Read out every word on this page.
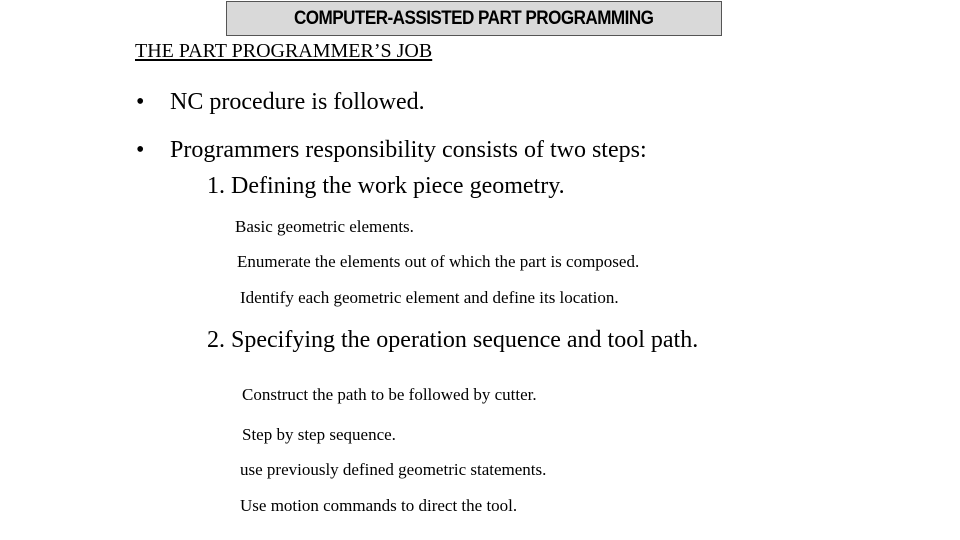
COMPUTER-ASSISTED PART PROGRAMMING
THE PART PROGRAMMER’S JOB
•	NC procedure is followed.
•	Programmers responsibility consists of two steps:
1. Defining the work piece geometry.
Basic geometric elements.
Enumerate the elements out of which the part is composed.
Identify each geometric element and define its location.
2. Specifying the operation sequence and tool path.
Construct the path to be followed by cutter.
Step by step sequence.
use previously defined geometric statements.
Use motion commands to direct the tool.
